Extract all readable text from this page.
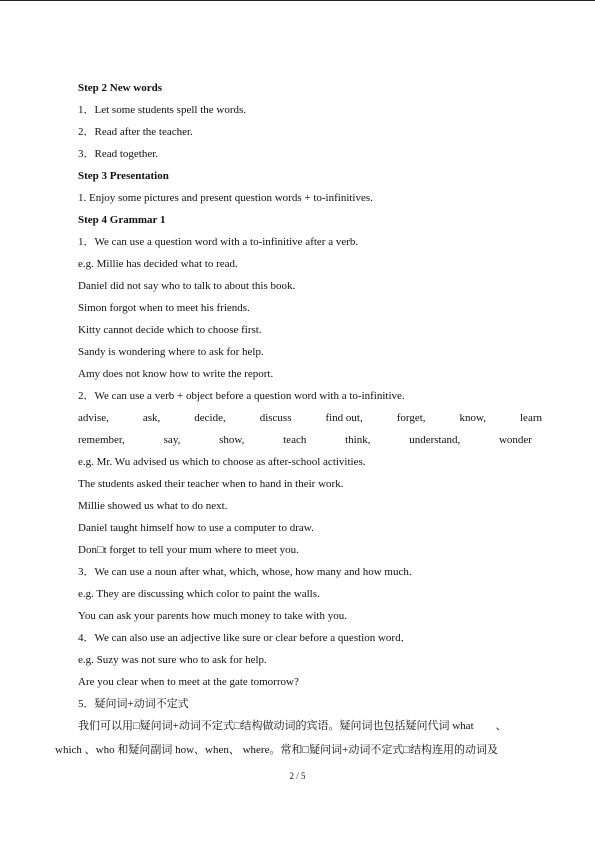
Step 2 New words
1．Let some students spell the words.
2．Read after the teacher.
3．Read together.
Step 3 Presentation
1. Enjoy some pictures and present question words + to-infinitives.
Step 4 Grammar 1
1．We can use a question word with a to-infinitive after a verb.
e.g. Millie has decided what to read.
Daniel did not say who to talk to about this book.
Simon forgot when to meet his friends.
Kitty cannot decide which to choose first.
Sandy is wondering where to ask for help.
Amy does not know how to write the report.
2．We can use a verb + object before a question word with a to-infinitive.
advise,	ask,	decide,	discuss	find out,	forget,	know,	learn
remember,	say,	show,	teach	think,	understand,	wonder
e.g. Mr. Wu advised us which to choose as after-school activities.
The students asked their teacher when to hand in their work.
Millie showed us what to do next.
Daniel taught himself how to use a computer to draw.
Don□t forget to tell your mum where to meet you.
3．We can use a noun after what, which, whose, how many and how much.
e.g. They are discussing which color to paint the walls.
You can ask your parents how much money to take with you.
4．We can also use an adjective like sure or clear before a question word．
e.g. Suzy was not sure who to ask for help.
Are you clear when to meet at the gate tomorrow?
5．疑问词+动词不定式
我们可以用□疑问词+动词不定式□结构做动词的宾语。疑问词也包括疑问代词 what　　、
which 、who 和疑问副词 how、when、 where。常和□疑问词+动词不定式□结构连用的动词及
2 / 5
